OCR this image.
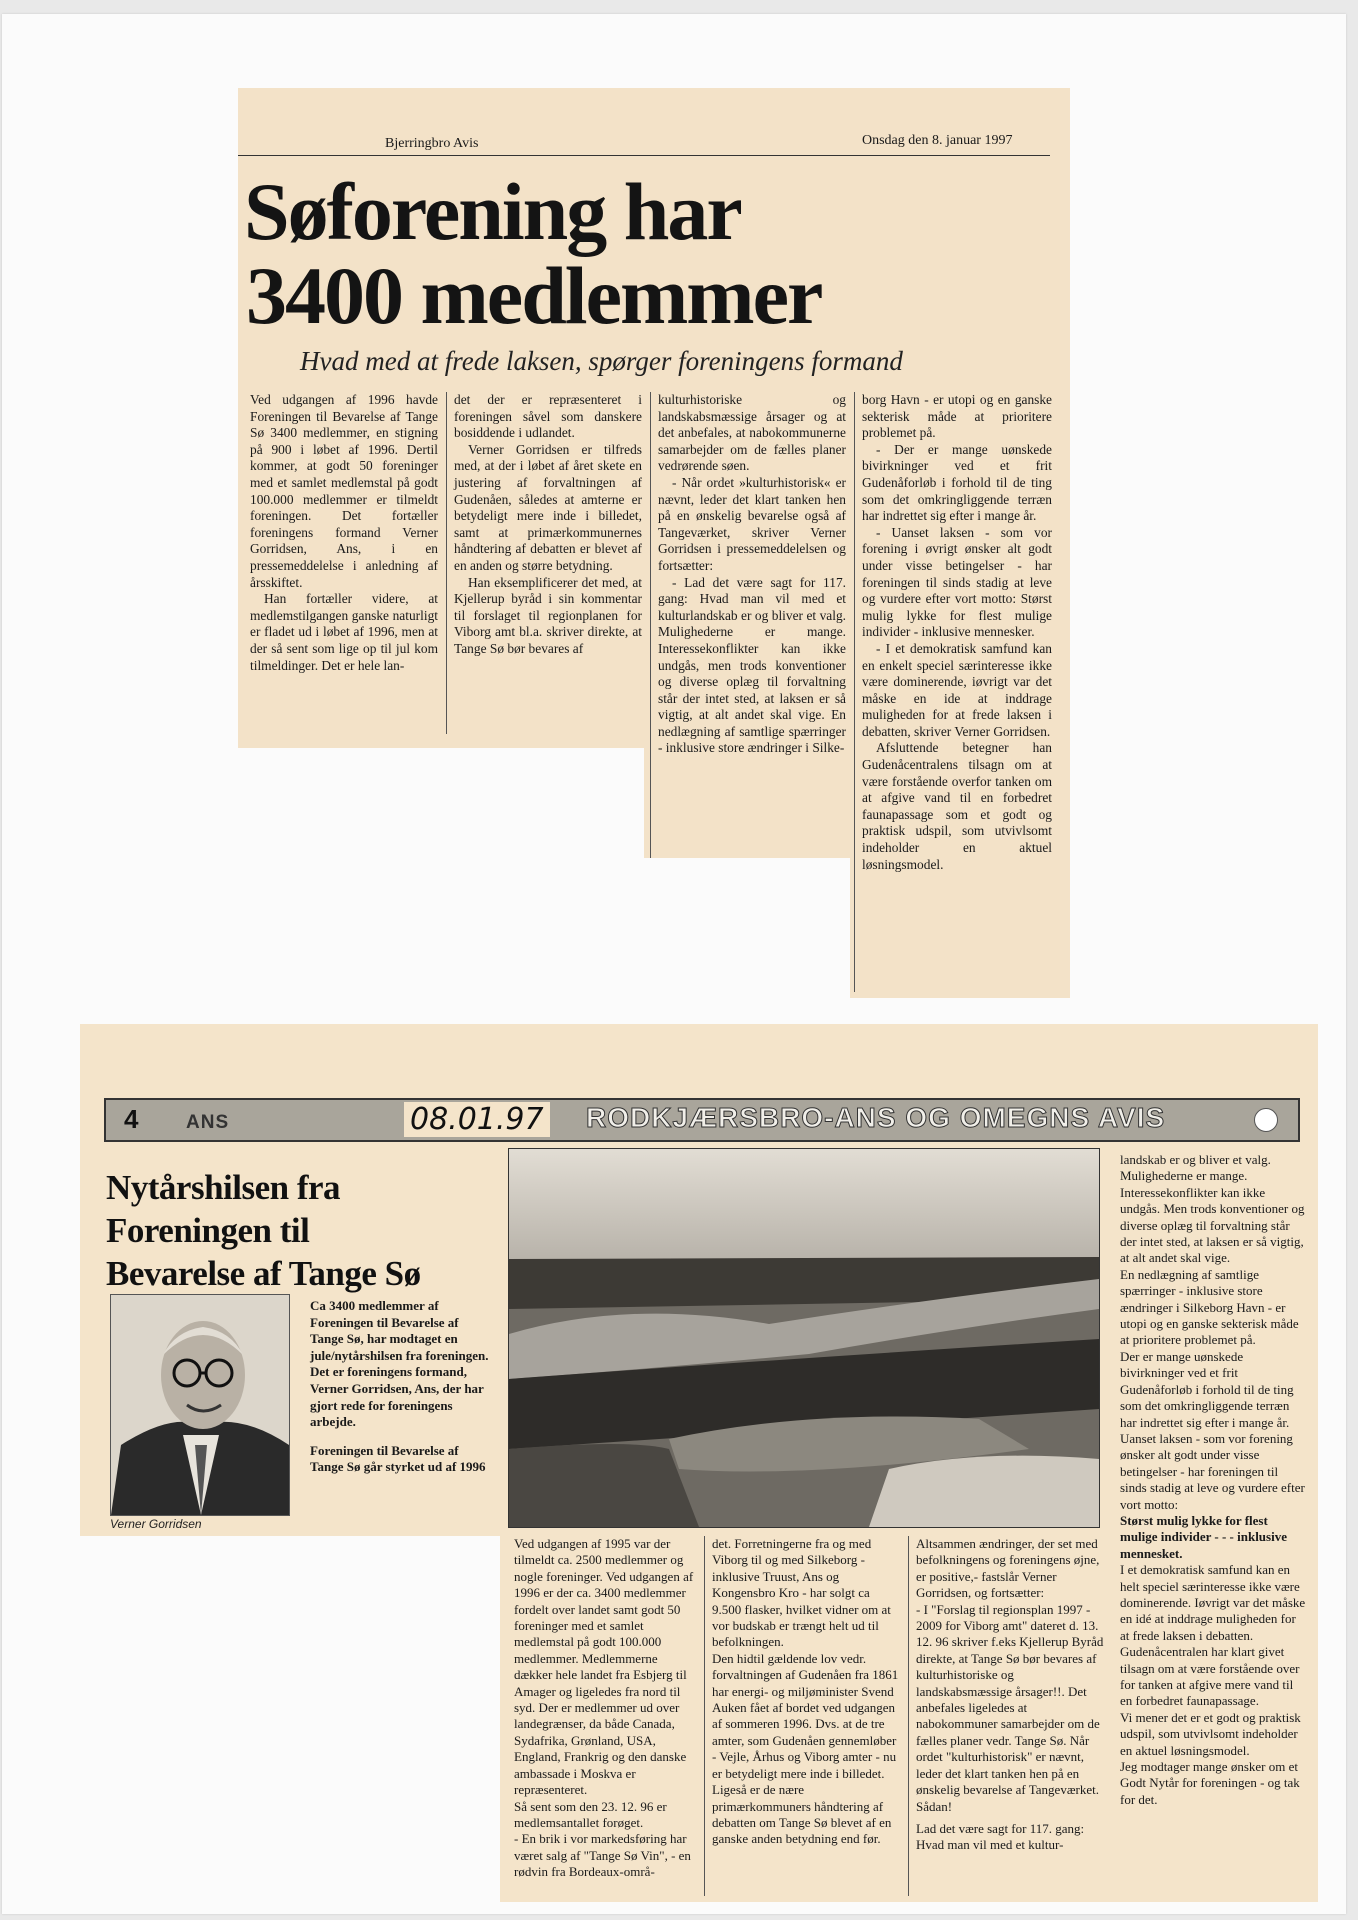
Bjerringbro Avis	Onsdag den 8. januar 1997
Søforening har
3400 medlemmer
Hvad med at frede laksen, spørger foreningens formand

Ved udgangen af 1996 havde Foreningen til Bevarelse af Tange Sø 3400 medlemmer, en stigning på 900 i løbet af 1996. Dertil kommer, at godt 50 foreninger med et samlet medlemstal på godt 100.000 medlemmer er tilmeldt foreningen. Det fortæller foreningens formand Verner Gorridsen, Ans, i en pressemeddelelse i anledning af årsskiftet.

Han fortæller videre, at medlemstilgangen ganske naturligt er fladet ud i løbet af 1996, men at der så sent som lige op til jul kom tilmeldinger. Det er hele lan-

det der er repræsenteret i foreningen såvel som danskere bosiddende i udlandet.

Verner Gorridsen er tilfreds med, at der i løbet af året skete en justering af forvaltningen af Gudenåen, således at amterne er betydeligt mere inde i billedet, samt at primærkommunernes håndtering af debatten er blevet af en anden og større betydning.

Han eksemplificerer det med, at Kjellerup byråd i sin kommentar til forslaget til regionplanen for Viborg amt bl.a. skriver direkte, at Tange Sø bør bevares af

kulturhistoriske og landskabsmæssige årsager og at det anbefales, at nabokommunerne samarbejder om de fælles planer vedrørende søen.

- Når ordet »kulturhistorisk« er nævnt, leder det klart tanken hen på en ønskelig bevarelse også af Tangeværket, skriver Verner Gorridsen i pressemeddelelsen og fortsætter:

- Lad det være sagt for 117. gang: Hvad man vil med et kulturlandskab er og bliver et valg. Mulighederne er mange. Interessekonflikter kan ikke undgås, men trods konventioner og diverse oplæg til forvaltning står der intet sted, at laksen er så vigtig, at alt andet skal vige. En nedlægning af samtlige spærringer - inklusive store ændringer i Silke-

borg Havn - er utopi og en ganske sekterisk måde at prioritere problemet på.

- Der er mange uønskede bivirkninger ved et frit Gudenåforløb i forhold til de ting som det omkringliggende terræn har indrettet sig efter i mange år.

- Uanset laksen - som vor forening i øvrigt ønsker alt godt under visse betingelser - har foreningen til sinds stadig at leve og vurdere efter vort motto: Størst mulig lykke for flest mulige individer - inklusive mennesker.

- I et demokratisk samfund kan en enkelt speciel særinteresse ikke være dominerende, iøvrigt var det måske en ide at inddrage muligheden for at frede laksen i debatten, skriver Verner Gorridsen.

Afsluttende betegner han Gudenåcentralens tilsagn om at være forstående overfor tanken om at afgive vand til en forbedret faunapassage som et godt og praktisk udspil, som utvivlsomt indeholder en aktuel løsningsmodel.

4	ANS	08.01.97 RODKJÆRSBRO-ANS OG OMEGNS AVIS
Nytårshilsen fra
Foreningen til
Bevarelse af Tange Sø
Verner Gorridsen

Ca 3400 medlemmer af Foreningen til Bevarelse af Tange Sø, har modtaget en jule/nytårshilsen fra foreningen.

Det er foreningens formand, Verner Gorridsen, Ans, der har gjort rede for foreningens arbejde.

Foreningen til Bevarelse af Tange Sø går styrket ud af 1996

landskab er og bliver et valg. Mulighederne er mange. Interessekonflikter kan ikke undgås. Men trods konventioner og diverse oplæg til forvaltning står der intet sted, at laksen er så vigtig, at alt andet skal vige.

En nedlægning af samtlige spærringer - inklusive store ændringer i Silkeborg Havn - er utopi og en ganske sekterisk måde at prioritere problemet på.

Der er mange uønskede bivirkninger ved et frit Gudenåforløb i forhold til de ting som det omkringliggende terræn har indrettet sig efter i mange år.

Uanset laksen - som vor forening ønsker alt godt under visse betingelser - har foreningen til sinds stadig at leve og vurdere efter vort motto:

Størst mulig lykke for flest mulige individer - - - inklusive mennesket.

I et demokratisk samfund kan en helt speciel særinteresse ikke være dominerende. Iøvrigt var det måske en idé at inddrage muligheden for at frede laksen i debatten.

Gudenåcentralen har klart givet tilsagn om at være forstående over for tanken at afgive mere vand til en forbedret faunapassage.

Vi mener det er et godt og praktisk udspil, som utvivlsomt indeholder en aktuel løsningsmodel.

Jeg modtager mange ønsker om et Godt Nytår for foreningen - og tak for det.

Ved udgangen af 1995 var der tilmeldt ca. 2500 medlemmer og nogle foreninger. Ved udgangen af 1996 er der ca. 3400 medlemmer fordelt over landet samt godt 50 foreninger med et samlet medlemstal på godt 100.000 medlemmer. Medlemmerne dækker hele landet fra Esbjerg til Amager og ligeledes fra nord til syd. Der er medlemmer ud over landegrænser, da både Canada, Sydafrika, Grønland, USA, England, Frankrig og den danske ambassade i Moskva er repræsenteret.

Så sent som den 23. 12. 96 er medlemsantallet forøget.

- En brik i vor markedsføring har været salg af "Tange Sø Vin", - en rødvin fra Bordeaux-områ-

det. Forretningerne fra og med Viborg til og med Silkeborg - inklusive Truust, Ans og Kongensbro Kro - har solgt ca 9.500 flasker, hvilket vidner om at vor budskab er trængt helt ud til befolkningen.

Den hidtil gældende lov vedr. forvaltningen af Gudenåen fra 1861 har energi- og miljøminister Svend Auken fået af bordet ved udgangen af sommeren 1996. Dvs. at de tre amter, som Gudenåen gennemløber - Vejle, Århus og Viborg amter - nu er betydeligt mere inde i billedet.

Ligeså er de nære primærkommuners håndtering af debatten om Tange Sø blevet af en ganske anden betydning end før.

Altsammen ændringer, der set med befolkningens og foreningens øjne, er positive,- fastslår Verner Gorridsen, og fortsætter:

- I "Forslag til regionsplan 1997 - 2009 for Viborg amt" dateret d. 13. 12. 96 skriver f.eks Kjellerup Byråd direkte, at Tange Sø bør bevares af kulturhistoriske og landskabsmæssige årsager!!. Det anbefales ligeledes at nabokommuner samarbejder om de fælles planer vedr. Tange Sø. Når ordet "kulturhistorisk" er nævnt, leder det klart tanken hen på en ønskelig bevarelse af Tangeværket. Sådan!

Lad det være sagt for 117. gang: Hvad man vil med et kultur-
